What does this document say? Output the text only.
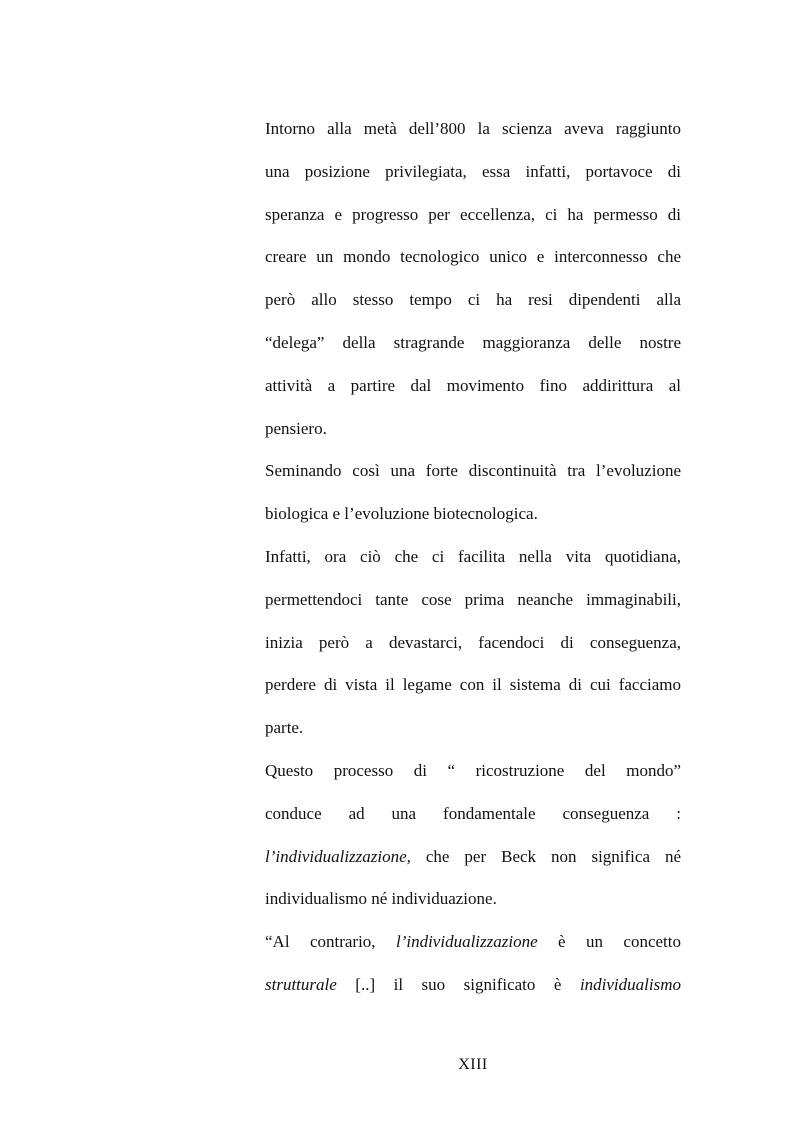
Intorno alla metà dell’800 la scienza aveva raggiunto
una posizione privilegiata, essa infatti, portavoce di
speranza e progresso per eccellenza, ci ha permesso di
creare un mondo tecnologico unico e interconnesso che
però allo stesso tempo ci ha resi dipendenti alla
“delega” della stragrande maggioranza delle nostre
attività a partire dal movimento fino addirittura al
pensiero.
Seminando così una forte discontinuità tra l’evoluzione
biologica e l’evoluzione biotecnologica.
Infatti, ora ciò che ci facilita nella vita quotidiana,
permettendoci tante cose prima neanche immaginabili,
inizia però a devastarci, facendoci di conseguenza,
perdere di vista il legame con il sistema di cui facciamo
parte.
Questo processo di “ ricostruzione del mondo”
conduce ad una fondamentale conseguenza :
l’individualizzazione, che per Beck non significa né
individualismo né individuazione.
“Al contrario, l’individualizzazione è un concetto
strutturale [..] il suo significato è individualismo
XIII
